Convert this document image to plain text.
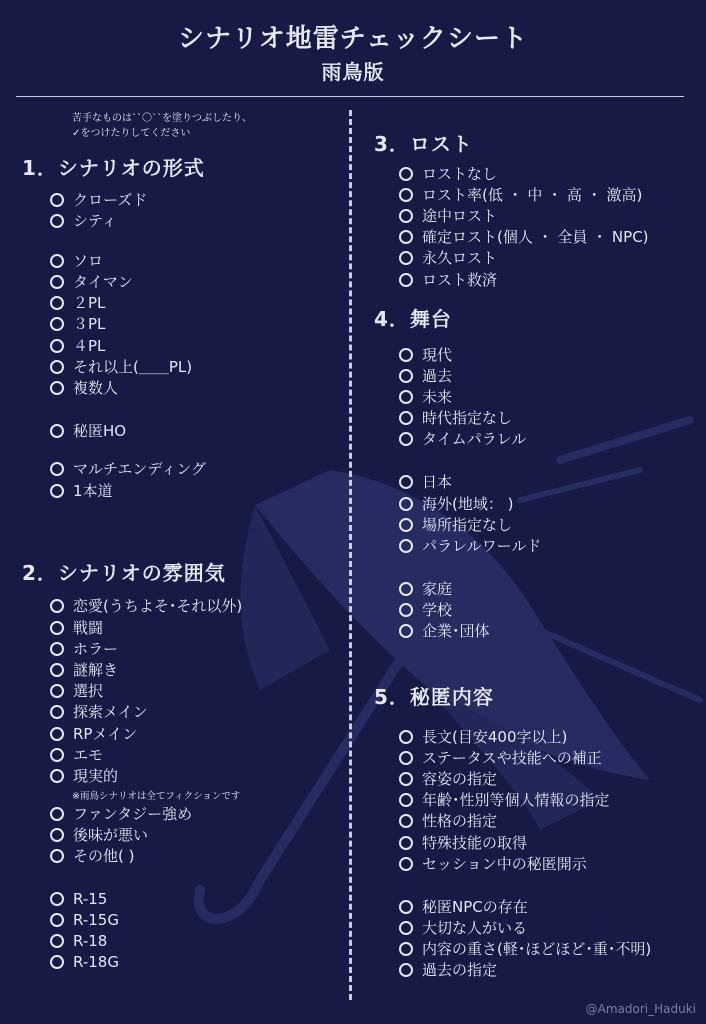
シナリオ地雷チェックシート
雨鳥版
苦手なものは``〇``を塗りつぶしたり、
✓をつけたりしてください
1．シナリオの形式
クローズド
シティ
ソロ
タイマン
２PL
３PL
４PL
それ以上(＿＿PL)
複数人
秘匿HO
マルチエンディング
1本道
2．シナリオの雰囲気
恋愛(うちよそ･それ以外)
戦闘
ホラー
謎解き
選択
探索メイン
RPメイン
エモ
現実的
ファンタジー強め
後味が悪い
その他( )
R-15
R-15G
R-18
R-18G
※雨鳥シナリオは全てフィクションです
3．ロスト
ロストなし
ロスト率(低 ・ 中 ・ 高 ・ 激高)
途中ロスト
確定ロスト(個人 ・ 全員 ・ NPC)
永久ロスト
ロスト救済
4．舞台
現代
過去
未来
時代指定なし
タイムパラレル
日本
海外(地域： )
場所指定なし
パラレルワールド
家庭
学校
企業･団体
5．秘匿内容
長文(目安400字以上)
ステータスや技能への補正
容姿の指定
年齢･性別等個人情報の指定
性格の指定
特殊技能の取得
セッション中の秘匿開示
秘匿NPCの存在
大切な人がいる
内容の重さ(軽･ほどほど･重･不明)
過去の指定
@Amadori_Haduki
